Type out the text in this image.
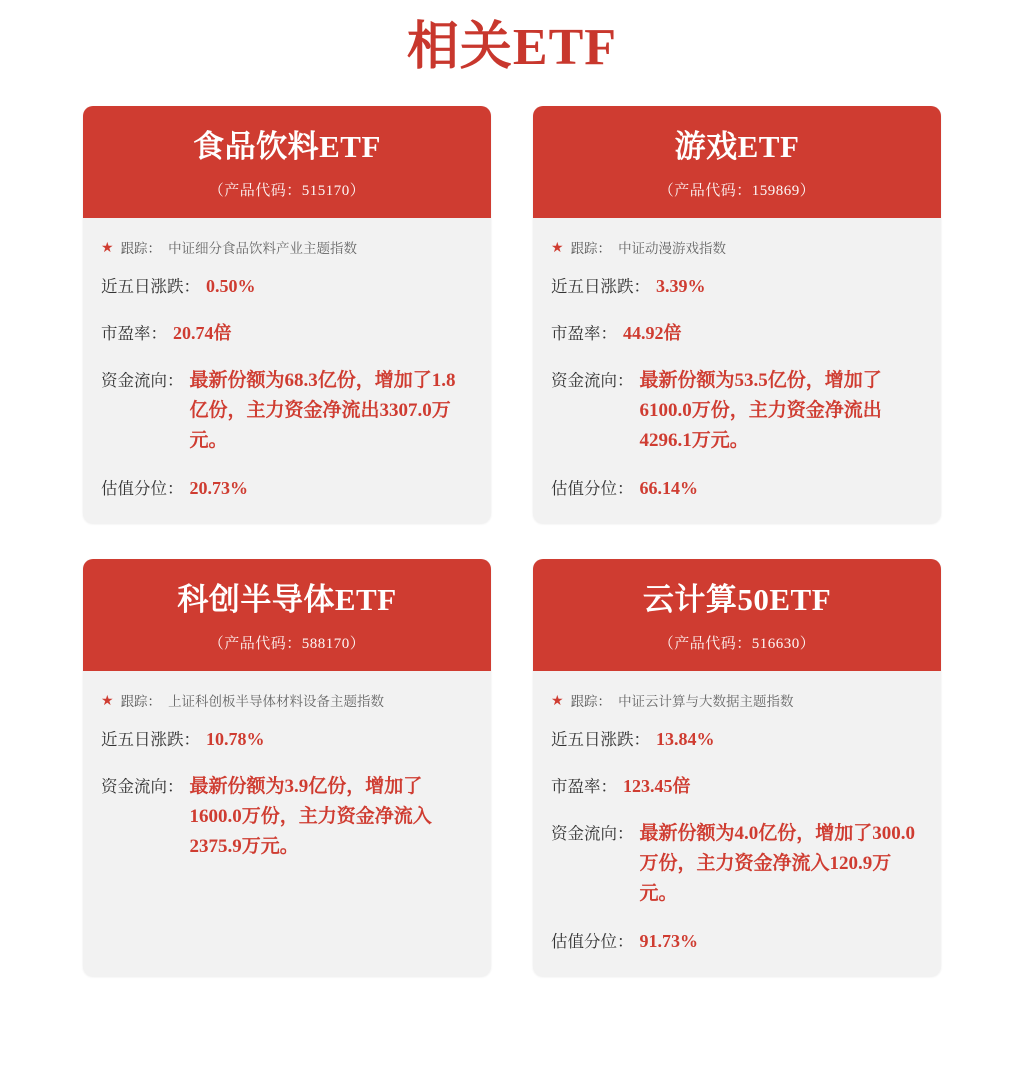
相关ETF
食品饮料ETF
（产品代码：515170）
★ 跟踪： 中证细分食品饮料产业主题指数
近五日涨跌： 0.50%
市盈率： 20.74倍
资金流向： 最新份额为68.3亿份，增加了1.8亿份，主力资金净流出3307.0万元。
估值分位： 20.73%
游戏ETF
（产品代码：159869）
★ 跟踪： 中证动漫游戏指数
近五日涨跌： 3.39%
市盈率： 44.92倍
资金流向： 最新份额为53.5亿份，增加了6100.0万份，主力资金净流出4296.1万元。
估值分位： 66.14%
科创半导体ETF
（产品代码：588170）
★ 跟踪： 上证科创板半导体材料设备主题指数
近五日涨跌： 10.78%
资金流向： 最新份额为3.9亿份，增加了1600.0万份，主力资金净流入2375.9万元。
云计算50ETF
（产品代码：516630）
★ 跟踪： 中证云计算与大数据主题指数
近五日涨跌： 13.84%
市盈率： 123.45倍
资金流向： 最新份额为4.0亿份，增加了300.0万份，主力资金净流入120.9万元。
估值分位： 91.73%
